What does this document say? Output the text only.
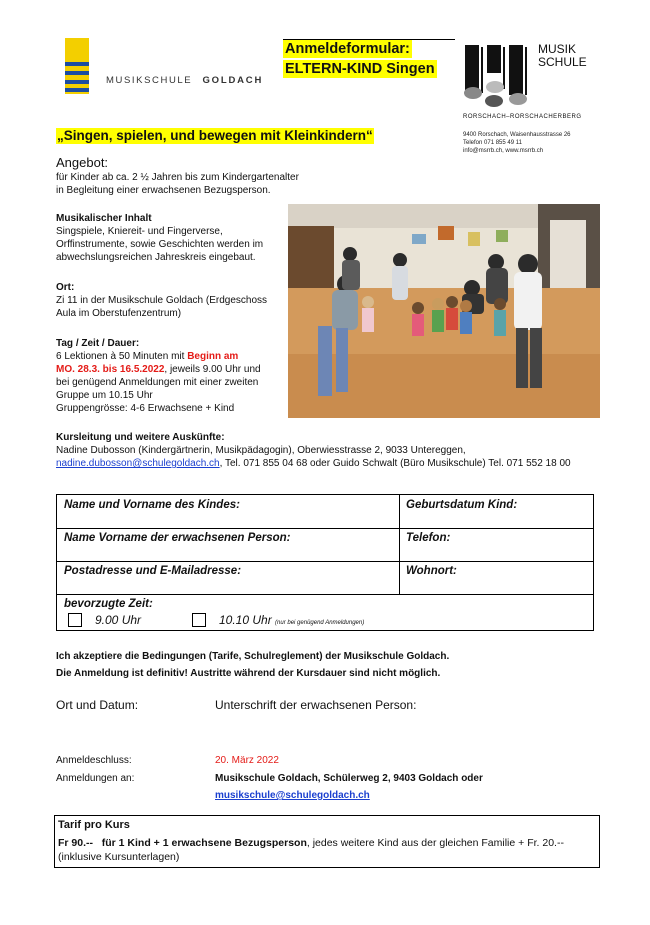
MUSIKSCHULE GOLDACH
Anmeldeformular:
ELTERN-KIND Singen
MUSIK
SCHULE
RORSCHACH–RORSCHACHERBERG
9400 Rorschach, Waisenhausstrasse 26
Telefon 071 855 49 11
info@msrrb.ch, www.msrrb.ch
„Singen, spielen, und bewegen mit Kleinkindern“
Angebot:
für Kinder ab ca. 2 ½ Jahren bis zum Kindergartenalter
in Begleitung einer erwachsenen Bezugsperson.
Musikalischer Inhalt
Singspiele, Kniereit- und Fingerverse,
Orffinstrumente, sowie Geschichten werden im
abwechslungsreichen Jahreskreis eingebaut.
Ort:
Zi 11 in der Musikschule Goldach (Erdgeschoss
Aula im Oberstufenzentrum)
Tag / Zeit / Dauer:
6 Lektionen à 50 Minuten mit Beginn am
MO. 28.3. bis 16.5.2022, jeweils 9.00 Uhr und
bei genügend Anmeldungen mit einer zweiten
Gruppe um 10.15 Uhr
Gruppengrösse: 4-6 Erwachsene + Kind
Kursleitung und weitere Auskünfte:
Nadine Dubosson (Kindergärtnerin, Musikpädagogin), Oberwiesstrasse 2, 9033 Untereggen,
nadine.dubosson@schulegoldach.ch, Tel. 071 855 04 68 oder Guido Schwalt (Büro Musikschule) Tel. 071 552 18 00
Name und Vorname des Kindes:	Geburtsdatum Kind:
Name Vorname der erwachsenen Person:	Telefon:
Postadresse und E-Mailadresse:	Wohnort:
bevorzugte Zeit:
9.00 Uhr	10.10 Uhr (nur bei genügend Anmeldungen)
Ich akzeptiere die Bedingungen (Tarife, Schulreglement) der Musikschule Goldach.
Die Anmeldung ist definitiv! Austritte während der Kursdauer sind nicht möglich.
Ort und Datum:	Unterschrift der erwachsenen Person:
Anmeldeschluss:	20. März 2022
Anmeldungen an:	Musikschule Goldach, Schülerweg 2, 9403 Goldach oder
musikschule@schulegoldach.ch
Tarif pro Kurs
Fr 90.--   für 1 Kind + 1 erwachsene Bezugsperson, jedes weitere Kind aus der gleichen Familie + Fr. 20.--
(inklusive Kursunterlagen)
